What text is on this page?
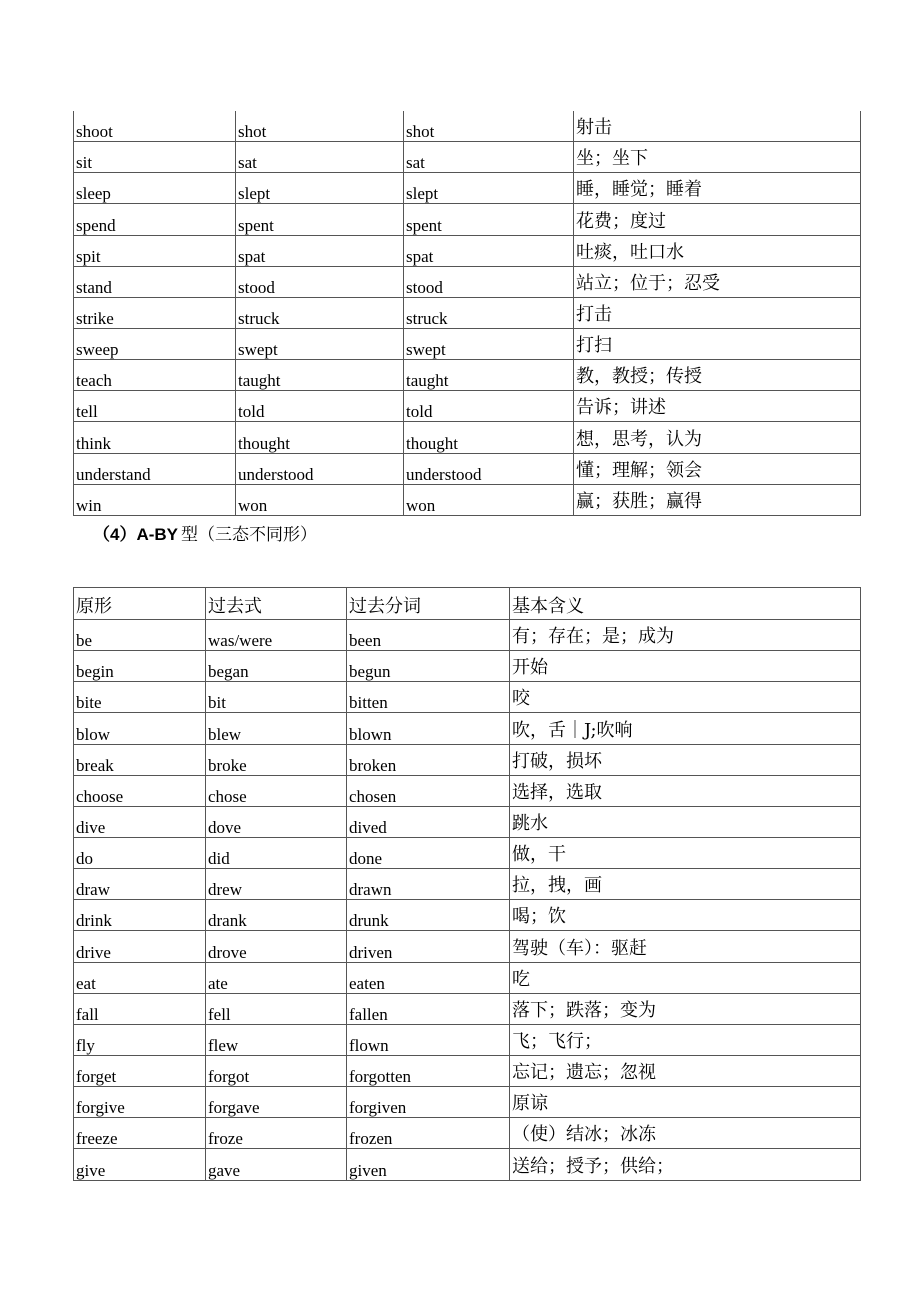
shoot	shot	shot	射击
sit	sat	sat	坐；坐下
sleep	slept	slept	睡，睡觉；睡着
spend	spent	spent	花费；度过
spit	spat	spat	吐痰，吐口水
stand	stood	stood	站立；位于；忍受
strike	struck	struck	打击
sweep	swept	swept	打扫
teach	taught	taught	教，教授；传授
tell	told	told	告诉；讲述
think	thought	thought	想，思考，认为
understand	understood	understood	懂；理解；领会
win	won	won	赢；获胜；赢得
（4）A-BY 型（三态不同形）
原形	过去式	过去分词	基本含义
be	was/were	been	有；存在；是；成为
begin	began	begun	开始
bite	bit	bitten	咬
blow	blew	blown	吹，舌｜J;吹响
break	broke	broken	打破，损坏
choose	chose	chosen	选择，选取
dive	dove	dived	跳水
do	did	done	做，干
draw	drew	drawn	拉，拽，画
drink	drank	drunk	喝；饮
drive	drove	driven	驾驶（车）：驱赶
eat	ate	eaten	吃
fall	fell	fallen	落下；跌落；变为
fly	flew	flown	飞；飞行；
forget	forgot	forgotten	忘记；遗忘；忽视
forgive	forgave	forgiven	原谅
freeze	froze	frozen	（使）结冰；冰冻
give	gave	given	送给；授予；供给；
